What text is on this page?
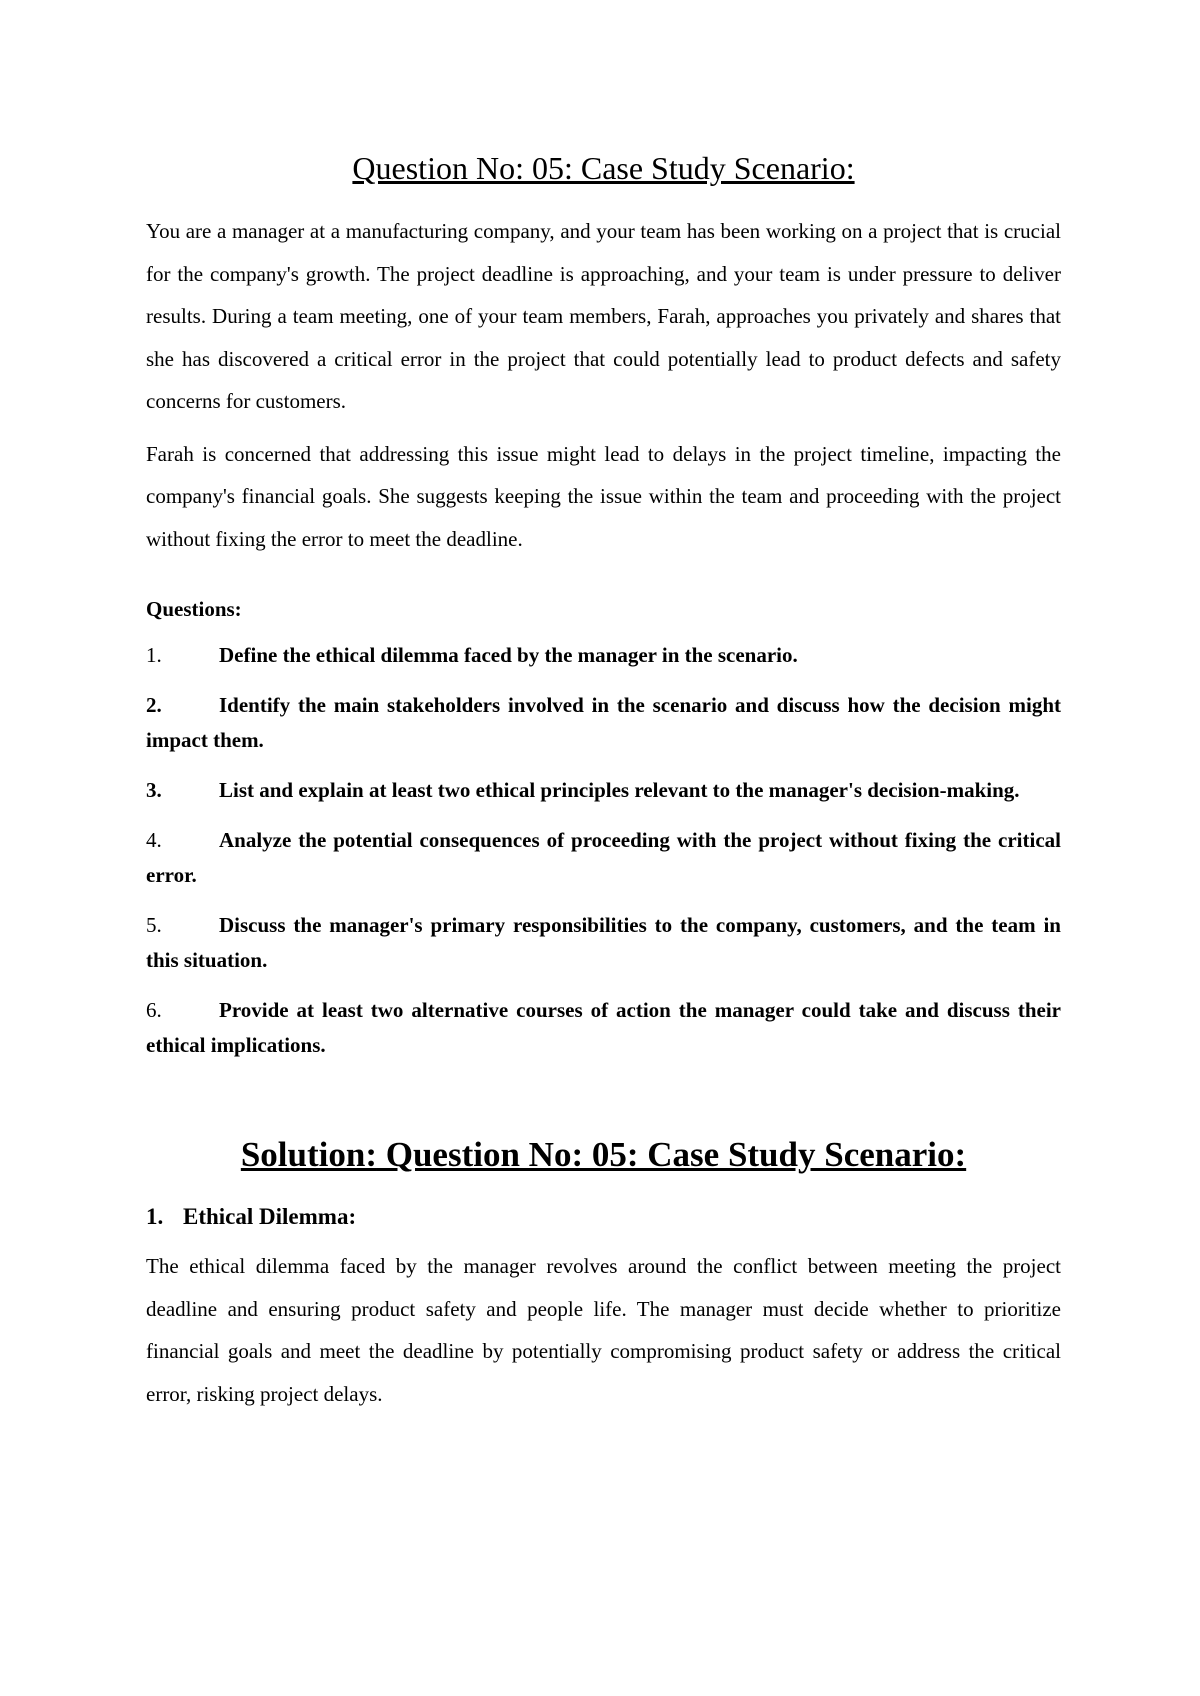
Question No: 05: Case Study Scenario:

You are a manager at a manufacturing company, and your team has been working on a project that is crucial for the company's growth. The project deadline is approaching, and your team is under pressure to deliver results. During a team meeting, one of your team members, Farah, approaches you privately and shares that she has discovered a critical error in the project that could potentially lead to product defects and safety concerns for customers.

Farah is concerned that addressing this issue might lead to delays in the project timeline, impacting the company's financial goals. She suggests keeping the issue within the team and proceeding with the project without fixing the error to meet the deadline.

Questions:
1.	Define the ethical dilemma faced by the manager in the scenario.
2.	Identify the main stakeholders involved in the scenario and discuss how the decision might impact them.
3.	List and explain at least two ethical principles relevant to the manager's decision-making.
4.	Analyze the potential consequences of proceeding with the project without fixing the critical error.
5.	Discuss the manager's primary responsibilities to the company, customers, and the team in this situation.
6.	Provide at least two alternative courses of action the manager could take and discuss their ethical implications.
Solution: Question No: 05: Case Study Scenario:
1. Ethical Dilemma:

The ethical dilemma faced by the manager revolves around the conflict between meeting the project deadline and ensuring product safety and people life. The manager must decide whether to prioritize financial goals and meet the deadline by potentially compromising product safety or address the critical error, risking project delays.
